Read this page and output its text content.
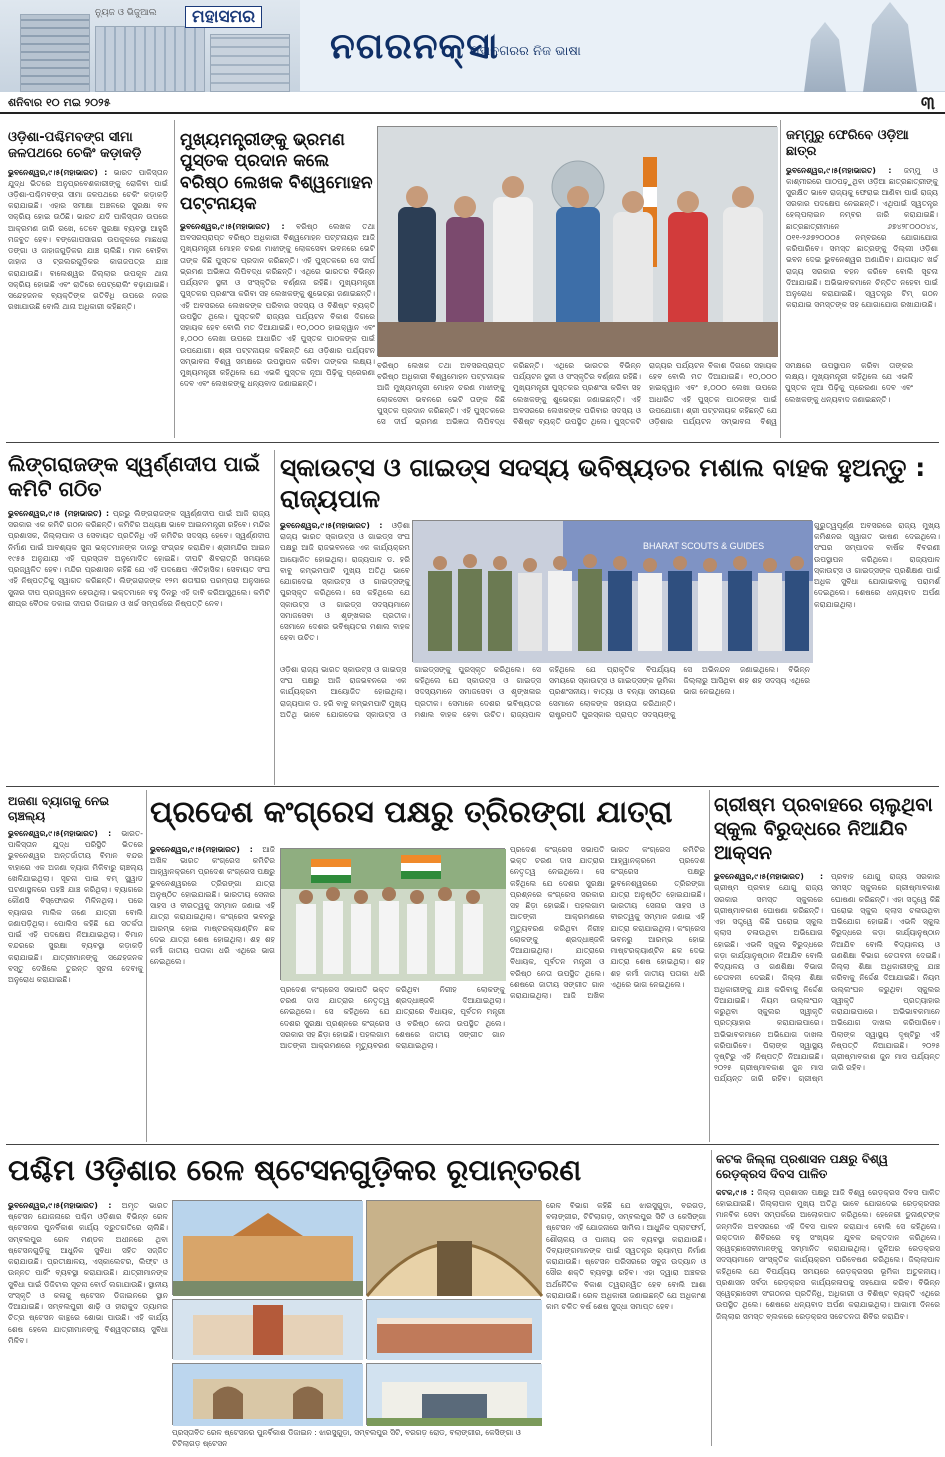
ନ୍ୟୁଜ ଓ ଭିଜୁଆଲ	ମହାସମର
ନଗରନକ୍ସା
ମହାନଗରର ନିଜ ଭାଷା
ଶନିବାର ୧୦ ମଇ ୨୦୨୫	୩
ଓଡ଼ିଶା-ପଶ୍ଚିମବଙ୍ଗ ସୀମା ଜଳପଥରେ ଚେକିଂ କଡ଼ାକଡ଼ି
ଭୁବନେଶ୍ୱର,୯।୫(ମହାଭାରତ) : ଭାରତ ପାକିସ୍ତାନ ଯୁଦ୍ଧ ଭିତରେ ଅନୁପ୍ରବେଶକାରୀଙ୍କୁ ରୋକିବା ପାଇଁ ଓଡ଼ିଶା-ପଶ୍ଚିମବଙ୍ଗ ସୀମା ଜଳପଥରେ ଚେକିଂ କଡ଼ାକଡ଼ି କରାଯାଇଛି। ଏହାର ସମୀକ୍ଷା ଅଞ୍ଚଳରେ ସୁରକ୍ଷା ବଳ ସକ୍ରିୟ ହୋଇ ଉଠିଛି। ଭାରତ ଯଦି ପାକିସ୍ତାନ ଉପରେ ଆକ୍ରମଣ ଜାରି ରଖେ, ତେବେ ସୁରକ୍ଷା ବ୍ୟବସ୍ଥା ଆହୁରି ମଜବୁତ ହେବ। ବଙ୍ଗୋପସାଗର ଉପକୂଳରେ ମାଛଧରା ଡଙ୍ଗା ଓ ଜାହାଜଗୁଡ଼ିକର ଯାଞ୍ଚ ଚାଲିଛି। ମାଳ ବୋହିବା ଜାହାଜ ଓ ଟ୍ରଲରଗୁଡ଼ିକର କାଗଜପତ୍ର ଯାଞ୍ଚ କରାଯାଉଛି। ବାଲେଶ୍ୱର ଜିଲ୍ଲାର ଉପକୂଳ ଥାନା ସକ୍ରିୟ ହୋଇଛି ଏବଂ ରାତିରେ ପେଟ୍ରୋଲିଂ ବଢ଼ାଯାଇଛି। ସନ୍ଦେହଜନକ ବ୍ୟକ୍ତିଙ୍କ ଗତିବିଧି ଉପରେ ନଜର ରଖାଯାଉଛି ବୋଲି ଥାନା ଅଧିକାରୀ କହିଛନ୍ତି।
ମୁଖ୍ୟମନ୍ତ୍ରୀଙ୍କୁ ଭ୍ରମଣ ପୁସ୍ତକ ପ୍ରଦାନ କଲେ ବରିଷ୍ଠ ଲେଖକ ବିଶ୍ୱମୋହନ ପଟ୍ଟନାୟକ
ଭୁବନେଶ୍ୱର,୯।୫(ମହାଭାରତ) : ବରିଷ୍ଠ ଲେଖକ ତଥା ଅବସରପ୍ରାପ୍ତ ବରିଷ୍ଠ ଅଧିକାରୀ ବିଶ୍ୱମୋହନ ପଟ୍ଟନାୟକ ଆଜି ମୁଖ୍ୟମନ୍ତ୍ରୀ ମୋହନ ଚରଣ ମାଝୀଙ୍କୁ ଲୋକସେବା ଭବନରେ ଭେଟି ତାଙ୍କ କିଛି ପୁସ୍ତକ ପ୍ରଦାନ କରିଛନ୍ତି। ଏହି ପୁସ୍ତକରେ ସେ ଦୀର୍ଘ ଭ୍ରମଣ ଅଭିଜ୍ଞତା ଲିପିବଦ୍ଧ କରିଛନ୍ତି। ଏଥିରେ ଭାରତର ବିଭିନ୍ନ ପର୍ଯ୍ୟଟନ ସ୍ଥଳୀ ଓ ସଂସ୍କୃତିର ବର୍ଣ୍ଣନା ରହିଛି। ମୁଖ୍ୟମନ୍ତ୍ରୀ ପୁସ୍ତକର ପ୍ରଶଂସା କରିବା ସହ ଲେଖକଙ୍କୁ ଶୁଭେଚ୍ଛା ଜଣାଇଛନ୍ତି। ଏହି ଅବସରରେ ଲେଖକଙ୍କ ପରିବାର ସଦସ୍ୟ ଓ ବିଶିଷ୍ଟ ବ୍ୟକ୍ତି ଉପସ୍ଥିତ ଥିଲେ। ପୁସ୍ତକଟି ରାଜ୍ୟର ପର୍ଯ୍ୟଟନ ବିକାଶ ଦିଗରେ ସହାୟକ ହେବ ବୋଲି ମତ ଦିଆଯାଇଛି। ୧୦,୦୦୦ ହାଇକ୍ୱାନ ଏବଂ ୫,୦୦୦ ଲେଖା ଉପରେ ଆଧାରିତ ଏହି ପୁସ୍ତକ ପାଠକଙ୍କ ପାଇଁ ଉପଯୋଗୀ। ଶ୍ରୀ ପଟ୍ଟନାୟକ କହିଛନ୍ତି ଯେ ଓଡ଼ିଶାର ପର୍ଯ୍ୟଟନ ସମ୍ଭାବନା ବିଶ୍ୱ ସମକ୍ଷରେ ଉପସ୍ଥାପନ କରିବା ତାଙ୍କର ଲକ୍ଷ୍ୟ। ମୁଖ୍ୟମନ୍ତ୍ରୀ କହିଥିଲେ ଯେ ଏଭଳି ପୁସ୍ତକ ନୂଆ ପିଢ଼ିକୁ ପ୍ରେରଣା ଦେବ ଏବଂ ଲେଖକଙ୍କୁ ଧନ୍ୟବାଦ ଜଣାଇଛନ୍ତି।
ବରିଷ୍ଠ ଲେଖକ ତଥା ଅବସରପ୍ରାପ୍ତ ବରିଷ୍ଠ ଅଧିକାରୀ ବିଶ୍ୱମୋହନ ପଟ୍ଟନାୟକ ଆଜି ମୁଖ୍ୟମନ୍ତ୍ରୀ ମୋହନ ଚରଣ ମାଝୀଙ୍କୁ ଲୋକସେବା ଭବନରେ ଭେଟି ତାଙ୍କ କିଛି ପୁସ୍ତକ ପ୍ରଦାନ କରିଛନ୍ତି। ଏହି ପୁସ୍ତକରେ ସେ ଦୀର୍ଘ ଭ୍ରମଣ ଅଭିଜ୍ଞତା ଲିପିବଦ୍ଧ କରିଛନ୍ତି। ଏଥିରେ ଭାରତର ବିଭିନ୍ନ ପର୍ଯ୍ୟଟନ ସ୍ଥଳୀ ଓ ସଂସ୍କୃତିର ବର୍ଣ୍ଣନା ରହିଛି। ମୁଖ୍ୟମନ୍ତ୍ରୀ ପୁସ୍ତକର ପ୍ରଶଂସା କରିବା ସହ ଲେଖକଙ୍କୁ ଶୁଭେଚ୍ଛା ଜଣାଇଛନ୍ତି। ଏହି ଅବସରରେ ଲେଖକଙ୍କ ପରିବାର ସଦସ୍ୟ ଓ ବିଶିଷ୍ଟ ବ୍ୟକ୍ତି ଉପସ୍ଥିତ ଥିଲେ। ପୁସ୍ତକଟି ରାଜ୍ୟର ପର୍ଯ୍ୟଟନ ବିକାଶ ଦିଗରେ ସହାୟକ ହେବ ବୋଲି ମତ ଦିଆଯାଇଛି। ୧୦,୦୦୦ ହାଇକ୍ୱାନ ଏବଂ ୫,୦୦୦ ଲେଖା ଉପରେ ଆଧାରିତ ଏହି ପୁସ୍ତକ ପାଠକଙ୍କ ପାଇଁ ଉପଯୋଗୀ। ଶ୍ରୀ ପଟ୍ଟନାୟକ କହିଛନ୍ତି ଯେ ଓଡ଼ିଶାର ପର୍ଯ୍ୟଟନ ସମ୍ଭାବନା ବିଶ୍ୱ ସମକ୍ଷରେ ଉପସ୍ଥାପନ କରିବା ତାଙ୍କର ଲକ୍ଷ୍ୟ। ମୁଖ୍ୟମନ୍ତ୍ରୀ କହିଥିଲେ ଯେ ଏଭଳି ପୁସ୍ତକ ନୂଆ ପିଢ଼ିକୁ ପ୍ରେରଣା ଦେବ ଏବଂ ଲେଖକଙ୍କୁ ଧନ୍ୟବାଦ ଜଣାଇଛନ୍ତି।
ଜମ୍ମୁରୁ ଫେରିବେ ଓଡ଼ିଆ ଛାତ୍ର
ଭୁବନେଶ୍ୱର,୯।୫(ମହାଭାରତ) : ଜମ୍ମୁ ଓ କାଶ୍ମୀରରେ ପାଠପଢ଼ୁଥିବା ଓଡ଼ିଆ ଛାତ୍ରଛାତ୍ରୀଙ୍କୁ ସୁରକ୍ଷିତ ଭାବେ ରାଜ୍ୟକୁ ଫେରାଇ ଆଣିବା ପାଇଁ ରାଜ୍ୟ ସରକାର ପଦକ୍ଷେପ ନେଇଛନ୍ତି। ଏଥିପାଇଁ ସ୍ୱତନ୍ତ୍ର ହେଲ୍ପଲାଇନ ନମ୍ବର ଜାରି କରାଯାଇଛି। ଛାତ୍ରଛାତ୍ରୀମାନେ ୬୭୪୨୮୦୦୦୪୪, ୦୧୧-୨୬୭୨୦୦୦୫ ନମ୍ବରରେ ଯୋଗାଯୋଗ କରିପାରିବେ। ସମସ୍ତ ଛାତ୍ରଙ୍କୁ ଦିଲ୍ଲୀ ଓଡ଼ିଶା ଭବନ ଦେଇ ଭୁବନେଶ୍ୱର ଅଣାଯିବ। ଯାତାୟାତ ଖର୍ଚ୍ଚ ରାଜ୍ୟ ସରକାର ବହନ କରିବେ ବୋଲି ସୂଚନା ଦିଆଯାଇଛି। ଅଭିଭାବକମାନେ ଚିନ୍ତିତ ନହେବା ପାଇଁ ଅନୁରୋଧ କରାଯାଇଛି। ସ୍ୱତନ୍ତ୍ର ଟିମ୍ ଗଠନ କରାଯାଇ ସମସ୍ତଙ୍କ ସହ ଯୋଗାଯୋଗ ରଖାଯାଉଛି।
ଲିଙ୍ଗରାଜଙ୍କ ସ୍ୱର୍ଣ୍ଣଦୀପ ପାଇଁ କମିଟି ଗଠିତ
ଭୁବନେଶ୍ୱର,୯।୫ (ମହାଭାରତ) : ପ୍ରଭୁ ଲିଙ୍ଗରାଜଙ୍କ ସ୍ୱର୍ଣ୍ଣଦୀପ ପାଇଁ ଆଜି ରାଜ୍ୟ ସରକାର ଏକ କମିଟି ଗଠନ କରିଛନ୍ତି। କମିଟିର ଅଧ୍ୟକ୍ଷ ଭାବେ ଆଇନମନ୍ତ୍ରୀ ରହିବେ। ମନ୍ଦିର ପ୍ରଶାସକ, ଜିଲ୍ଲାପାଳ ଓ ସେବାୟତ ପ୍ରତିନିଧି ଏହି କମିଟିର ସଦସ୍ୟ ହେବେ। ସ୍ୱର୍ଣ୍ଣଦୀପ ନିର୍ମାଣ ପାଇଁ ଆବଶ୍ୟକ ସୁନା ଭକ୍ତମାନଙ୍କ ଦାନରୁ ସଂଗ୍ରହ କରାଯିବ। ଶ୍ରୀମନ୍ଦିର ଆଇନ ୧୯୫୫ ଅନୁଯାୟୀ ଏହି ପ୍ରସ୍ତାବ ଅନୁମୋଦିତ ହୋଇଛି। ଦୀପଟି ଶିବରାତ୍ରି ସମୟରେ ପ୍ରଜ୍ୱଳିତ ହେବ। ମନ୍ଦିର ପ୍ରଶାସନ କହିଛି ଯେ ଏହି ପଦକ୍ଷେପ ଐତିହାସିକ। ସେବାୟତ ସଂଘ ଏହି ନିଷ୍ପତ୍ତିକୁ ସ୍ୱାଗତ କରିଛନ୍ତି। ଲିଙ୍ଗରାଜଙ୍କ ୧୨ମ ଶତାବ୍ଦୀର ପରମ୍ପରା ଅନୁସାରେ ସୁନାର ଦୀପ ପ୍ରଜ୍ୱଳନ ହେଉଥିଲା। ଭକ୍ତମାନେ ବହୁ ଦିନରୁ ଏହି ଦାବି କରିଆସୁଥିଲେ। କମିଟି ଶୀଘ୍ର ବୈଠକ ଡକାଇ ଦୀପର ଡିଜାଇନ ଓ ଖର୍ଚ୍ଚ ସମ୍ପର୍କରେ ନିଷ୍ପତ୍ତି ନେବ।
ସ୍କାଉଟ୍ସ ଓ ଗାଇଡ୍ସ ସଦସ୍ୟ ଭବିଷ୍ୟତର ମଶାଲ ବାହକ ହୁଅନ୍ତୁ : ରାଜ୍ୟପାଳ
ଭୁବନେଶ୍ୱର,୯।୫(ମହାଭାରତ) : ଓଡ଼ିଶା ରାଜ୍ୟ ଭାରତ ସ୍କାଉଟ୍ସ ଓ ଗାଇଡ୍ସ ସଂଘ ପକ୍ଷରୁ ଆଜି ରାଜଭବନରେ ଏକ କାର୍ଯ୍ୟକ୍ରମ ଆୟୋଜିତ ହୋଇଥିଲା। ରାଜ୍ୟପାଳ ଡ. ହରି ବାବୁ କମ୍ଭମପାଟି ମୁଖ୍ୟ ଅତିଥି ଭାବେ ଯୋଗଦେଇ ସ୍କାଉଟ୍ସ ଓ ଗାଇଡ୍ସଙ୍କୁ ପୁରସ୍କୃତ କରିଥିଲେ। ସେ କହିଥିଲେ ଯେ ସ୍କାଉଟ୍ସ ଓ ଗାଇଡ୍ସ ସଦସ୍ୟମାନେ ସମାଜସେବା ଓ ଶୃଙ୍ଖଳାର ପ୍ରତୀକ। ସେମାନେ ଦେଶର ଭବିଷ୍ୟତର ମଶାଲ ବାହକ ହେବା ଉଚିତ।
BHARAT SCOUTS & GUIDES
ଗୁରୁତ୍ୱପୂର୍ଣ୍ଣ ଅବସରରେ ରାଜ୍ୟ ମୁଖ୍ୟ କମିଶନର ସ୍ୱାଗତ ଭାଷଣ ଦେଇଥିଲେ। ସଂଘର ସମ୍ପାଦକ ବାର୍ଷିକ ବିବରଣୀ ଉପସ୍ଥାପନ କରିଥିଲେ। ରାଜ୍ୟପାଳ ସ୍କାଉଟ୍ସ ଓ ଗାଇଡ୍ସଙ୍କ ପ୍ରଶିକ୍ଷଣ ପାଇଁ ଅଧିକ ସୁବିଧା ଯୋଗାଇବାକୁ ପରାମର୍ଶ ଦେଇଥିଲେ। ଶେଷରେ ଧନ୍ୟବାଦ ଅର୍ପଣ କରାଯାଇଥିଲା।
ଓଡ଼ିଶା ରାଜ୍ୟ ଭାରତ ସ୍କାଉଟ୍ସ ଓ ଗାଇଡ୍ସ ସଂଘ ପକ୍ଷରୁ ଆଜି ରାଜଭବନରେ ଏକ କାର୍ଯ୍ୟକ୍ରମ ଆୟୋଜିତ ହୋଇଥିଲା। ରାଜ୍ୟପାଳ ଡ. ହରି ବାବୁ କମ୍ଭମପାଟି ମୁଖ୍ୟ ଅତିଥି ଭାବେ ଯୋଗଦେଇ ସ୍କାଉଟ୍ସ ଓ ଗାଇଡ୍ସଙ୍କୁ ପୁରସ୍କୃତ କରିଥିଲେ। ସେ କହିଥିଲେ ଯେ ସ୍କାଉଟ୍ସ ଓ ଗାଇଡ୍ସ ସଦସ୍ୟମାନେ ସମାଜସେବା ଓ ଶୃଙ୍ଖଳାର ପ୍ରତୀକ। ସେମାନେ ଦେଶର ଭବିଷ୍ୟତର ମଶାଲ ବାହକ ହେବା ଉଚିତ। ରାଜ୍ୟପାଳ କହିଥିଲେ ଯେ ପ୍ରାକୃତିକ ବିପର୍ଯ୍ୟୟ ସମୟରେ ସ୍କାଉଟ୍ସ ଓ ଗାଇଡ୍ସଙ୍କ ଭୂମିକା ପ୍ରଶଂସନୀୟ। ବାତ୍ୟା ଓ ବନ୍ୟା ସମୟରେ ସେମାନେ ଲୋକଙ୍କ ସହାୟତା କରିଥାନ୍ତି। ରାଷ୍ଟ୍ରପତି ପୁରସ୍କାର ପ୍ରାପ୍ତ ସଦସ୍ୟଙ୍କୁ ସେ ଅଭିନନ୍ଦନ ଜଣାଇଥିଲେ। ବିଭିନ୍ନ ଜିଲ୍ଲାରୁ ଆସିଥିବା ଶହ ଶହ ସଦସ୍ୟ ଏଥିରେ ଭାଗ ନେଇଥିଲେ।
ଅଜଣା ବ୍ୟାଗକୁ ନେଇ ଚାଞ୍ଚଲ୍ୟ
ଭୁବନେଶ୍ୱର,୯।୫(ମହାଭାରତ) : ଭାରତ-ପାକିସ୍ତାନ ଯୁଦ୍ଧ ପରିସ୍ଥିତି ଭିତରେ ଭୁବନେଶ୍ୱର ଅନ୍ତର୍ଜାତୀୟ ବିମାନ ବନ୍ଦର ବାହାରେ ଏକ ଅଜଣା ବ୍ୟାଗ ମିଳିବାରୁ ଚାଞ୍ଚଲ୍ୟ ଖେଳିଯାଇଥିଲା। ସୂଚନା ପାଇ ବମ୍ ସ୍କ୍ୱାଡ ଘଟଣାସ୍ଥଳରେ ପହଞ୍ଚି ଯାଞ୍ଚ କରିଥିଲା। ବ୍ୟାଗରେ କୌଣସି ବିସ୍ଫୋରକ ମିଳିନଥିଲା। ପରେ ବ୍ୟାଗର ମାଲିକ ଜଣେ ଯାତ୍ରୀ ବୋଲି ଜଣାପଡ଼ିଥିଲା। ପୋଲିସ କହିଛି ଯେ ସତର୍କତା ପାଇଁ ଏହି ପଦକ୍ଷେପ ନିଆଯାଇଥିଲା। ବିମାନ ବନ୍ଦରରେ ସୁରକ୍ଷା ବ୍ୟବସ୍ଥା କଡ଼ାକଡ଼ି କରାଯାଇଛି। ଯାତ୍ରୀମାନଙ୍କୁ ସନ୍ଦେହଜନକ ବସ୍ତୁ ଦେଖିଲେ ତୁରନ୍ତ ସୂଚନା ଦେବାକୁ ଅନୁରୋଧ କରାଯାଇଛି।
ପ୍ରଦେଶ କଂଗ୍ରେସ ପକ୍ଷରୁ ତ୍ରିରଙ୍ଗା ଯାତ୍ରା
ଭୁବନେଶ୍ୱର,୯।୫(ମହାଭାରତ) : ଆଜି ଅଖିଳ ଭାରତ କଂଗ୍ରେସ କମିଟିର ଆହ୍ୱାନକ୍ରମେ ପ୍ରଦେଶ କଂଗ୍ରେସ ପକ୍ଷରୁ ଭୁବନେଶ୍ୱରରେ ତ୍ରିରଙ୍ଗା ଯାତ୍ରା ଅନୁଷ୍ଠିତ ହୋଇଯାଇଛି। ଭାରତୀୟ ସେନାର ସାହସ ଓ ବୀରତ୍ୱକୁ ସମ୍ମାନ ଜଣାଇ ଏହି ଯାତ୍ରା କରାଯାଇଥିଲା। କଂଗ୍ରେସ ଭବନରୁ ଆରମ୍ଭ ହୋଇ ମାଷ୍ଟରକ୍ୟାଣ୍ଟିନ ଛକ ଦେଇ ଯାତ୍ରା ଶେଷ ହୋଇଥିଲା। ଶହ ଶହ କର୍ମୀ ଜାତୀୟ ପତାକା ଧରି ଏଥିରେ ଭାଗ ନେଇଥିଲେ।
ପ୍ରଦେଶ କଂଗ୍ରେସ ସଭାପତି ଭକ୍ତ ଚରଣ ଦାସ ଯାତ୍ରାର ନେତୃତ୍ୱ ନେଇଥିଲେ। ସେ କହିଥିଲେ ଯେ ଦେଶର ସୁରକ୍ଷା ପ୍ରଶ୍ନରେ କଂଗ୍ରେସ ସରକାର ସହ ଛିଡ଼ା ହୋଇଛି। ପହଲଗାମ ଆତଙ୍କୀ ଆକ୍ରମଣରେ ମୃତ୍ୟୁବରଣ କରିଥିବା ନିରୀହ ଲୋକଙ୍କୁ ଶ୍ରଦ୍ଧାଞ୍ଜଳି ଦିଆଯାଇଥିଲା। ଯାତ୍ରାରେ ବିଧାୟକ, ପୂର୍ବତନ ମନ୍ତ୍ରୀ ଓ ବରିଷ୍ଠ ନେତା ଉପସ୍ଥିତ ଥିଲେ। ଶେଷରେ ଜାତୀୟ ସଙ୍ଗୀତ ଗାନ କରାଯାଇଥିଲା।
ପ୍ରଦେଶ କଂଗ୍ରେସ ସଭାପତି ଭକ୍ତ ଚରଣ ଦାସ ଯାତ୍ରାର ନେତୃତ୍ୱ ନେଇଥିଲେ। ସେ କହିଥିଲେ ଯେ ଦେଶର ସୁରକ୍ଷା ପ୍ରଶ୍ନରେ କଂଗ୍ରେସ ସରକାର ସହ ଛିଡ଼ା ହୋଇଛି। ପହଲଗାମ ଆତଙ୍କୀ ଆକ୍ରମଣରେ ମୃତ୍ୟୁବରଣ କରିଥିବା ନିରୀହ ଲୋକଙ୍କୁ ଶ୍ରଦ୍ଧାଞ୍ଜଳି ଦିଆଯାଇଥିଲା। ଯାତ୍ରାରେ ବିଧାୟକ, ପୂର୍ବତନ ମନ୍ତ୍ରୀ ଓ ବରିଷ୍ଠ ନେତା ଉପସ୍ଥିତ ଥିଲେ। ଶେଷରେ ଜାତୀୟ ସଙ୍ଗୀତ ଗାନ କରାଯାଇଥିଲା। ଆଜି ଅଖିଳ ଭାରତ କଂଗ୍ରେସ କମିଟିର ଆହ୍ୱାନକ୍ରମେ ପ୍ରଦେଶ କଂଗ୍ରେସ ପକ୍ଷରୁ ଭୁବନେଶ୍ୱରରେ ତ୍ରିରଙ୍ଗା ଯାତ୍ରା ଅନୁଷ୍ଠିତ ହୋଇଯାଇଛି। ଭାରତୀୟ ସେନାର ସାହସ ଓ ବୀରତ୍ୱକୁ ସମ୍ମାନ ଜଣାଇ ଏହି ଯାତ୍ରା କରାଯାଇଥିଲା। କଂଗ୍ରେସ ଭବନରୁ ଆରମ୍ଭ ହୋଇ ମାଷ୍ଟରକ୍ୟାଣ୍ଟିନ ଛକ ଦେଇ ଯାତ୍ରା ଶେଷ ହୋଇଥିଲା। ଶହ ଶହ କର୍ମୀ ଜାତୀୟ ପତାକା ଧରି ଏଥିରେ ଭାଗ ନେଇଥିଲେ।
ଗ୍ରୀଷ୍ମ ପ୍ରବାହରେ ଚାଲୁଥିବା ସ୍କୁଲ ବିରୁଦ୍ଧରେ ନିଆଯିବ ଆକ୍ସନ
ଭୁବନେଶ୍ୱର,୯।୫(ମହାଭାରତ) : ଗ୍ରୀଷ୍ମ ପ୍ରବାହ ଯୋଗୁ ରାଜ୍ୟ ସରକାର ସମସ୍ତ ସ୍କୁଲରେ ଗ୍ରୀଷ୍ମାବକାଶ ଘୋଷଣା କରିଛନ୍ତି। ଏହା ସତ୍ତ୍ୱେ କିଛି ଘରୋଇ ସ୍କୁଲ କ୍ଲାସ ଚଳାଉଥିବା ଅଭିଯୋଗ ହୋଇଛି। ଏଭଳି ସ୍କୁଲ ବିରୁଦ୍ଧରେ କଡ଼ା କାର୍ଯ୍ୟାନୁଷ୍ଠାନ ନିଆଯିବ ବୋଲି ବିଦ୍ୟାଳୟ ଓ ଗଣଶିକ୍ଷା ବିଭାଗ ଚେତାବନୀ ଦେଇଛି। ଜିଲ୍ଲା ଶିକ୍ଷା ଅଧିକାରୀଙ୍କୁ ଯାଞ୍ଚ କରିବାକୁ ନିର୍ଦ୍ଦେଶ ଦିଆଯାଇଛି। ନିୟମ ଉଲ୍ଲଂଘନ କରୁଥିବା ସ୍କୁଲର ସ୍ୱୀକୃତି ପ୍ରତ୍ୟାହାର କରାଯାଇପାରେ। ଅଭିଭାବକମାନେ ଅଭିଯୋଗ ଦାଖଲ କରିପାରିବେ। ପିଲାଙ୍କ ସ୍ୱାସ୍ଥ୍ୟ ଦୃଷ୍ଟିରୁ ଏହି ନିଷ୍ପତ୍ତି ନିଆଯାଇଛି। ୨୦୨୫ ଗ୍ରୀଷ୍ମାବକାଶ ଜୁନ ମାସ ପର୍ଯ୍ୟନ୍ତ ଜାରି ରହିବ। ଗ୍ରୀଷ୍ମ ପ୍ରବାହ ଯୋଗୁ ରାଜ୍ୟ ସରକାର ସମସ୍ତ ସ୍କୁଲରେ ଗ୍ରୀଷ୍ମାବକାଶ ଘୋଷଣା କରିଛନ୍ତି। ଏହା ସତ୍ତ୍ୱେ କିଛି ଘରୋଇ ସ୍କୁଲ କ୍ଲାସ ଚଳାଉଥିବା ଅଭିଯୋଗ ହୋଇଛି। ଏଭଳି ସ୍କୁଲ ବିରୁଦ୍ଧରେ କଡ଼ା କାର୍ଯ୍ୟାନୁଷ୍ଠାନ ନିଆଯିବ ବୋଲି ବିଦ୍ୟାଳୟ ଓ ଗଣଶିକ୍ଷା ବିଭାଗ ଚେତାବନୀ ଦେଇଛି। ଜିଲ୍ଲା ଶିକ୍ଷା ଅଧିକାରୀଙ୍କୁ ଯାଞ୍ଚ କରିବାକୁ ନିର୍ଦ୍ଦେଶ ଦିଆଯାଇଛି। ନିୟମ ଉଲ୍ଲଂଘନ କରୁଥିବା ସ୍କୁଲର ସ୍ୱୀକୃତି ପ୍ରତ୍ୟାହାର କରାଯାଇପାରେ। ଅଭିଭାବକମାନେ ଅଭିଯୋଗ ଦାଖଲ କରିପାରିବେ। ପିଲାଙ୍କ ସ୍ୱାସ୍ଥ୍ୟ ଦୃଷ୍ଟିରୁ ଏହି ନିଷ୍ପତ୍ତି ନିଆଯାଇଛି। ୨୦୨୫ ଗ୍ରୀଷ୍ମାବକାଶ ଜୁନ ମାସ ପର୍ଯ୍ୟନ୍ତ ଜାରି ରହିବ।
ପଶ୍ଚିମ ଓଡ଼ିଶାର ରେଳ ଷ୍ଟେସନଗୁଡ଼ିକର ରୂପାନ୍ତରଣ
ଭୁବନେଶ୍ୱର,୯।୫(ମହାଭାରତ) : ଅମୃତ ଭାରତ ଷ୍ଟେସନ ଯୋଜନାରେ ପଶ୍ଚିମ ଓଡ଼ିଶାର ବିଭିନ୍ନ ରେଳ ଷ୍ଟେସନର ପୁନର୍ବିକାଶ କାର୍ଯ୍ୟ ଦ୍ରୁତଗତିରେ ଚାଲିଛି। ସମ୍ବଲପୁର ରେଳ ମଣ୍ଡଳ ଅଧୀନରେ ଥିବା ଷ୍ଟେସନଗୁଡ଼ିକୁ ଆଧୁନିକ ସୁବିଧା ସହିତ ସଜ୍ଜିତ କରାଯାଉଛି। ପ୍ରତୀକ୍ଷାଳୟ, ଏସ୍କାଲେଟର, ଲିଫ୍ଟ ଓ ଉନ୍ନତ ପାର୍କିଂ ବ୍ୟବସ୍ଥା କରାଯାଉଛି। ଯାତ୍ରୀମାନଙ୍କ ସୁବିଧା ପାଇଁ ଡିଜିଟାଲ ସୂଚନା ବୋର୍ଡ ଲଗାଯାଉଛି। ସ୍ଥାନୀୟ ସଂସ୍କୃତି ଓ କଳାକୁ ଷ୍ଟେସନ ଡିଜାଇନରେ ସ୍ଥାନ ଦିଆଯାଇଛି। ସମ୍ବଲପୁରୀ ଶାଢ଼ି ଓ ହୀରାକୁଦ ଡ୍ୟାମର ଚିତ୍ର ଷ୍ଟେସନ କାନ୍ଥରେ ଶୋଭା ପାଉଛି। ଏହି କାର୍ଯ୍ୟ ଶେଷ ହେଲେ ଯାତ୍ରୀମାନଙ୍କୁ ବିଶ୍ୱସ୍ତରୀୟ ସୁବିଧା ମିଳିବ।
ପ୍ରସ୍ତାବିତ ରେଳ ଷ୍ଟେସନର ପୁନର୍ବିକାଶ ଡିଜାଇନ : ଝାରସୁଗୁଡ଼ା, ସମ୍ବଲପୁର ସିଟି, ବରଗଡ଼ ରୋଡ, ବଲାଙ୍ଗୀର, କେସିଙ୍ଗା ଓ ଟିଟିଲାଗଡ଼ ଷ୍ଟେସନ
ରେଳ ବିଭାଗ କହିଛି ଯେ ଝାରସୁଗୁଡ଼ା, ବରଗଡ଼, ବଲାଙ୍ଗୀର, ଟିଟିଲାଗଡ଼, ସମ୍ବଲପୁର ସିଟି ଓ କେସିଙ୍ଗା ଷ୍ଟେସନ ଏହି ଯୋଜନାରେ ସାମିଲ। ଆଧୁନିକ ପ୍ଲାଟଫର୍ମ, ଶୌଚାଳୟ ଓ ପାନୀୟ ଜଳ ବ୍ୟବସ୍ଥା କରାଯାଉଛି। ଦିବ୍ୟାଙ୍ଗମାନଙ୍କ ପାଇଁ ସ୍ୱତନ୍ତ୍ର ର‍୍ୟାମ୍ପ ନିର୍ମାଣ କରାଯାଉଛି। ଷ୍ଟେସନ ପରିସରରେ ସବୁଜ ଉଦ୍ୟାନ ଓ ସୌର ଶକ୍ତି ବ୍ୟବସ୍ଥା ରହିବ। ଏହା ଦ୍ୱାରା ଅଞ୍ଚଳର ଅର୍ଥନୈତିକ ବିକାଶ ତ୍ୱରାନ୍ୱିତ ହେବ ବୋଲି ଆଶା କରାଯାଉଛି। ରେଳ ଅଧିକାରୀ ଜଣାଇଛନ୍ତି ଯେ ଅଧିକାଂଶ କାମ ଚଳିତ ବର୍ଷ ଶେଷ ସୁଦ୍ଧା ସମାପ୍ତ ହେବ।
କଟକ ଜିଲ୍ଲା ପ୍ରଶାସନ ପକ୍ଷରୁ ବିଶ୍ୱ ରେଡ଼କ୍ରସ ଦିବସ ପାଳିତ
କଟକ,୯।୫ : ଜିଲ୍ଲା ପ୍ରଶାସନ ପକ୍ଷରୁ ଆଜି ବିଶ୍ୱ ରେଡ଼କ୍ରସ ଦିବସ ପାଳିତ ହୋଇଯାଇଛି। ଜିଲ୍ଲାପାଳ ମୁଖ୍ୟ ଅତିଥି ଭାବେ ଯୋଗଦେଇ ରେଡ଼କ୍ରସର ମାନବିକ ସେବା ସମ୍ପର୍କରେ ଆଲୋକପାତ କରିଥିଲେ। ହେନେରୀ ଡୁନାଣ୍ଟଙ୍କ ଜନ୍ମଦିନ ଅବସରରେ ଏହି ଦିବସ ପାଳନ କରାଯାଏ ବୋଲି ସେ କହିଥିଲେ। ରକ୍ତଦାନ ଶିବିରରେ ବହୁ ସଂଖ୍ୟକ ଯୁବକ ରକ୍ତଦାନ କରିଥିଲେ। ସ୍ୱେଚ୍ଛାସେବୀମାନଙ୍କୁ ସମ୍ମାନିତ କରାଯାଇଥିଲା। ଜୁନିଅର ରେଡ଼କ୍ରସ ସଦସ୍ୟମାନେ ସାଂସ୍କୃତିକ କାର୍ଯ୍ୟକ୍ରମ ପରିବେଷଣ କରିଥିଲେ। ଜିଲ୍ଲାପାଳ କହିଥିଲେ ଯେ ବିପର୍ଯ୍ୟୟ ସମୟରେ ରେଡ଼କ୍ରସର ଭୂମିକା ଅତୁଳନୀୟ। ପ୍ରଶାସନ ସର୍ବଦା ରେଡ଼କ୍ରସ କାର୍ଯ୍ୟକଳାପକୁ ସହଯୋଗ କରିବ। ବିଭିନ୍ନ ସ୍ୱେଚ୍ଛାସେବୀ ସଂଗଠନର ପ୍ରତିନିଧି, ଅଧିକାରୀ ଓ ବିଶିଷ୍ଟ ବ୍ୟକ୍ତି ଏଥିରେ ଉପସ୍ଥିତ ଥିଲେ। ଶେଷରେ ଧନ୍ୟବାଦ ଅର୍ପଣ କରାଯାଇଥିଲା। ଆଗାମୀ ଦିନରେ ଜିଲ୍ଲାର ସମସ୍ତ ବ୍ଲକରେ ରେଡ଼କ୍ରସ ସଚେତନତା ଶିବିର କରାଯିବ।
